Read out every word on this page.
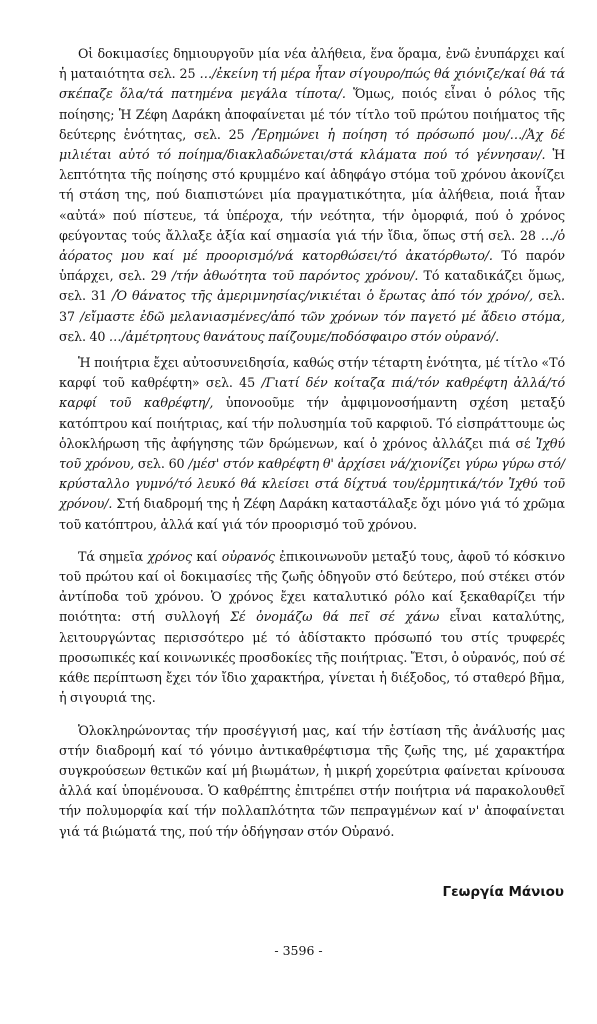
Οἱ δοκιμασίες δημιουργοῦν μία νέα ἀλήθεια, ἕνα ὅραμα, ἐνῶ ἐνυπάρχει καί ἡ ματαιότητα σελ. 25 …/ἐκείνη τή μέρα ἦταν σίγουρο/πώς θά χιόνιζε/καί θά τά σκέπαζε ὅλα/τά πατημένα μεγάλα τίποτα/. Ὅμως, ποιός εἶναι ὁ ρόλος τῆς ποίησης; Ἡ Ζέφη Δαράκη ἀποφαίνεται μέ τόν τίτλο τοῦ πρώτου ποιήματος τῆς δεύτερης ἑνότητας, σελ. 25 /Ἐρημώνει ἡ ποίηση τό πρόσωπό μου/…/Ἀχ δέ μιλιέται αὐτό τό ποίημα/διακλαδώνεται/στά κλάματα πού τό γέννησαν/. Ἡ λεπτότητα τῆς ποίησης στό κρυμμένο καί ἀδηφάγο στόμα τοῦ χρόνου ἀκονίζει τή στάση της, πού διαπιστώνει μία πραγματικότητα, μία ἀλήθεια, ποιά ἦταν «αὐτά» πού πίστευε, τά ὑπέροχα, τήν νεότητα, τήν ὀμορφιά, πού ὁ χρόνος φεύγοντας τούς ἄλλαξε ἀξία καί σημασία γιά τήν ἴδια, ὅπως στή σελ. 28 …/ὁ ἀόρατος μου καί μέ προορισμό/νά κατορθώσει/τό ἀκατόρθωτο/. Τό παρόν ὑπάρχει, σελ. 29 /τήν ἀθωότητα τοῦ παρόντος χρόνου/. Τό καταδικάζει ὅμως, σελ. 31 /Ὁ θάνατος τῆς ἀμεριμνησίας/νικιέται ὁ ἔρωτας ἀπό τόν χρόνο/, σελ. 37 /εἴμαστε ἐδῶ μελανιασμένες/ἀπό τῶν χρόνων τόν παγετό μέ ἄδειο στόμα, σελ. 40 …/ἀμέτρητους θανάτους παίζουμε/ποδόσφαιρο στόν οὐρανό/.

Ἡ ποιήτρια ἔχει αὐτοσυνειδησία, καθώς στήν τέταρτη ἑνότητα, μέ τίτλο «Τό καρφί τοῦ καθρέφτη» σελ. 45 /Γιατί δέν κοίταζα πιά/τόν καθρέφτη ἀλλά/τό καρφί τοῦ καθρέφτη/, ὑπονοοῦμε τήν ἀμφιμονοσήμαντη σχέση μεταξύ κατόπτρου καί ποιήτριας, καί τήν πολυσημία τοῦ καρφιοῦ. Τό εἰσπράττουμε ὡς ὁλοκλήρωση τῆς ἀφήγησης τῶν δρώμενων, καί ὁ χρόνος ἀλλάζει πιά σέ Ἰχθύ τοῦ χρόνου, σελ. 60 /μέσ' στόν καθρέφτη θ' ἀρχίσει νά/χιονίζει γύρω γύρω στό/κρύσταλλο γυμνό/τό λευκό θά κλείσει στά δίχτυά του/ἐρμητικά/τόν Ἰχθύ τοῦ χρόνου/. Στή διαδρομή της ἡ Ζέφη Δαράκη καταστάλαξε ὄχι μόνο γιά τό χρῶμα τοῦ κατόπτρου, ἀλλά καί γιά τόν προορισμό τοῦ χρόνου.

Τά σημεῖα χρόνος καί οὐρανός ἐπικοινωνοῦν μεταξύ τους, ἀφοῦ τό κόσκινο τοῦ πρώτου καί οἱ δοκιμασίες τῆς ζωῆς ὁδηγοῦν στό δεύτερο, πού στέκει στόν ἀντίποδα τοῦ χρόνου. Ὁ χρόνος ἔχει καταλυτικό ρόλο καί ξεκαθαρίζει τήν ποιότητα: στή συλλογή Σέ ὀνομάζω θά πεῖ σέ χάνω εἶναι καταλύτης, λειτουργώντας περισσότερο μέ τό ἀδίστακτο πρόσωπό του στίς τρυφερές προσωπικές καί κοινωνικές προσδοκίες τῆς ποιήτριας. Ἔτσι, ὁ οὐρανός, πού σέ κάθε περίπτωση ἔχει τόν ἴδιο χαρακτήρα, γίνεται ἡ διέξοδος, τό σταθερό βῆμα, ἡ σιγουριά της.

Ὁλοκληρώνοντας τήν προσέγγισή μας, καί τήν ἑστίαση τῆς ἀνάλυσής μας στήν διαδρομή καί τό γόνιμο ἀντικαθρέφτισμα τῆς ζωῆς της, μέ χαρακτήρα συγκρούσεων θετικῶν καί μή βιωμάτων, ἡ μικρή χορεύτρια φαίνεται κρίνουσα ἀλλά καί ὑπομένουσα. Ὁ καθρέπτης ἐπιτρέπει στήν ποιήτρια νά παρακολουθεῖ τήν πολυμορφία καί τήν πολλαπλότητα τῶν πεπραγμένων καί ν' ἀποφαίνεται γιά τά βιώματά της, πού τήν ὁδήγησαν στόν Οὐρανό.

Γεωργία Μάνιου
- 3596 -
